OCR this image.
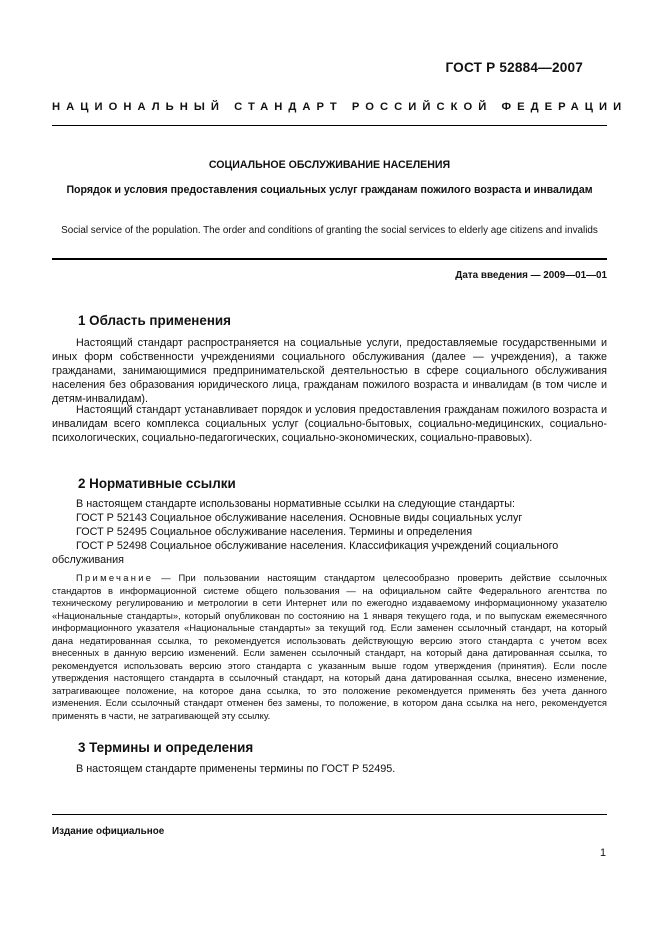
ГОСТ Р 52884—2007
НАЦИОНАЛЬНЫЙ СТАНДАРТ РОССИЙСКОЙ ФЕДЕРАЦИИ
СОЦИАЛЬНОЕ ОБСЛУЖИВАНИЕ НАСЕЛЕНИЯ
Порядок и условия предоставления социальных услуг гражданам пожилого возраста и инвалидам
Social service of the population. The order and conditions of granting the social services to elderly age citizens and invalids
Дата введения — 2009—01—01
1 Область применения

Настоящий стандарт распространяется на социальные услуги, предоставляемые государственными и иных форм собственности учреждениями социального обслуживания (далее — учреждения), а также гражданами, занимающимися предпринимательской деятельностью в сфере социального обслуживания населения без образования юридического лица, гражданам пожилого возраста и инвалидам (в том числе и детям-инвалидам).

Настоящий стандарт устанавливает порядок и условия предоставления гражданам пожилого возраста и инвалидам всего комплекса социальных услуг (социально-бытовых, социально-медицинских, социально-психологических, социально-педагогических, социально-экономических, социально-правовых).

2 Нормативные ссылки

В настоящем стандарте использованы нормативные ссылки на следующие стандарты:

ГОСТ Р 52143 Социальное обслуживание населения. Основные виды социальных услуг

ГОСТ Р 52495 Социальное обслуживание населения. Термины и определения

ГОСТ Р 52498 Социальное обслуживание населения. Классификация учреждений социального обслуживания

Примечание — При пользовании настоящим стандартом целесообразно проверить действие ссылочных стандартов в информационной системе общего пользования — на официальном сайте Федерального агентства по техническому регулированию и метрологии в сети Интернет или по ежегодно издаваемому информационному указателю «Национальные стандарты», который опубликован по состоянию на 1 января текущего года, и по выпускам ежемесячного информационного указателя «Национальные стандарты» за текущий год. Если заменен ссылочный стандарт, на который дана недатированная ссылка, то рекомендуется использовать действующую версию этого стандарта с учетом всех внесенных в данную версию изменений. Если заменен ссылочный стандарт, на который дана датированная ссылка, то рекомендуется использовать версию этого стандарта с указанным выше годом утверждения (принятия). Если после утверждения настоящего стандарта в ссылочный стандарт, на который дана датированная ссылка, внесено изменение, затрагивающее положение, на которое дана ссылка, то это положение рекомендуется применять без учета данного изменения. Если ссылочный стандарт отменен без замены, то положение, в котором дана ссылка на него, рекомендуется применять в части, не затрагивающей эту ссылку.

3 Термины и определения

В настоящем стандарте применены термины по ГОСТ Р 52495.

Издание официальное
1
